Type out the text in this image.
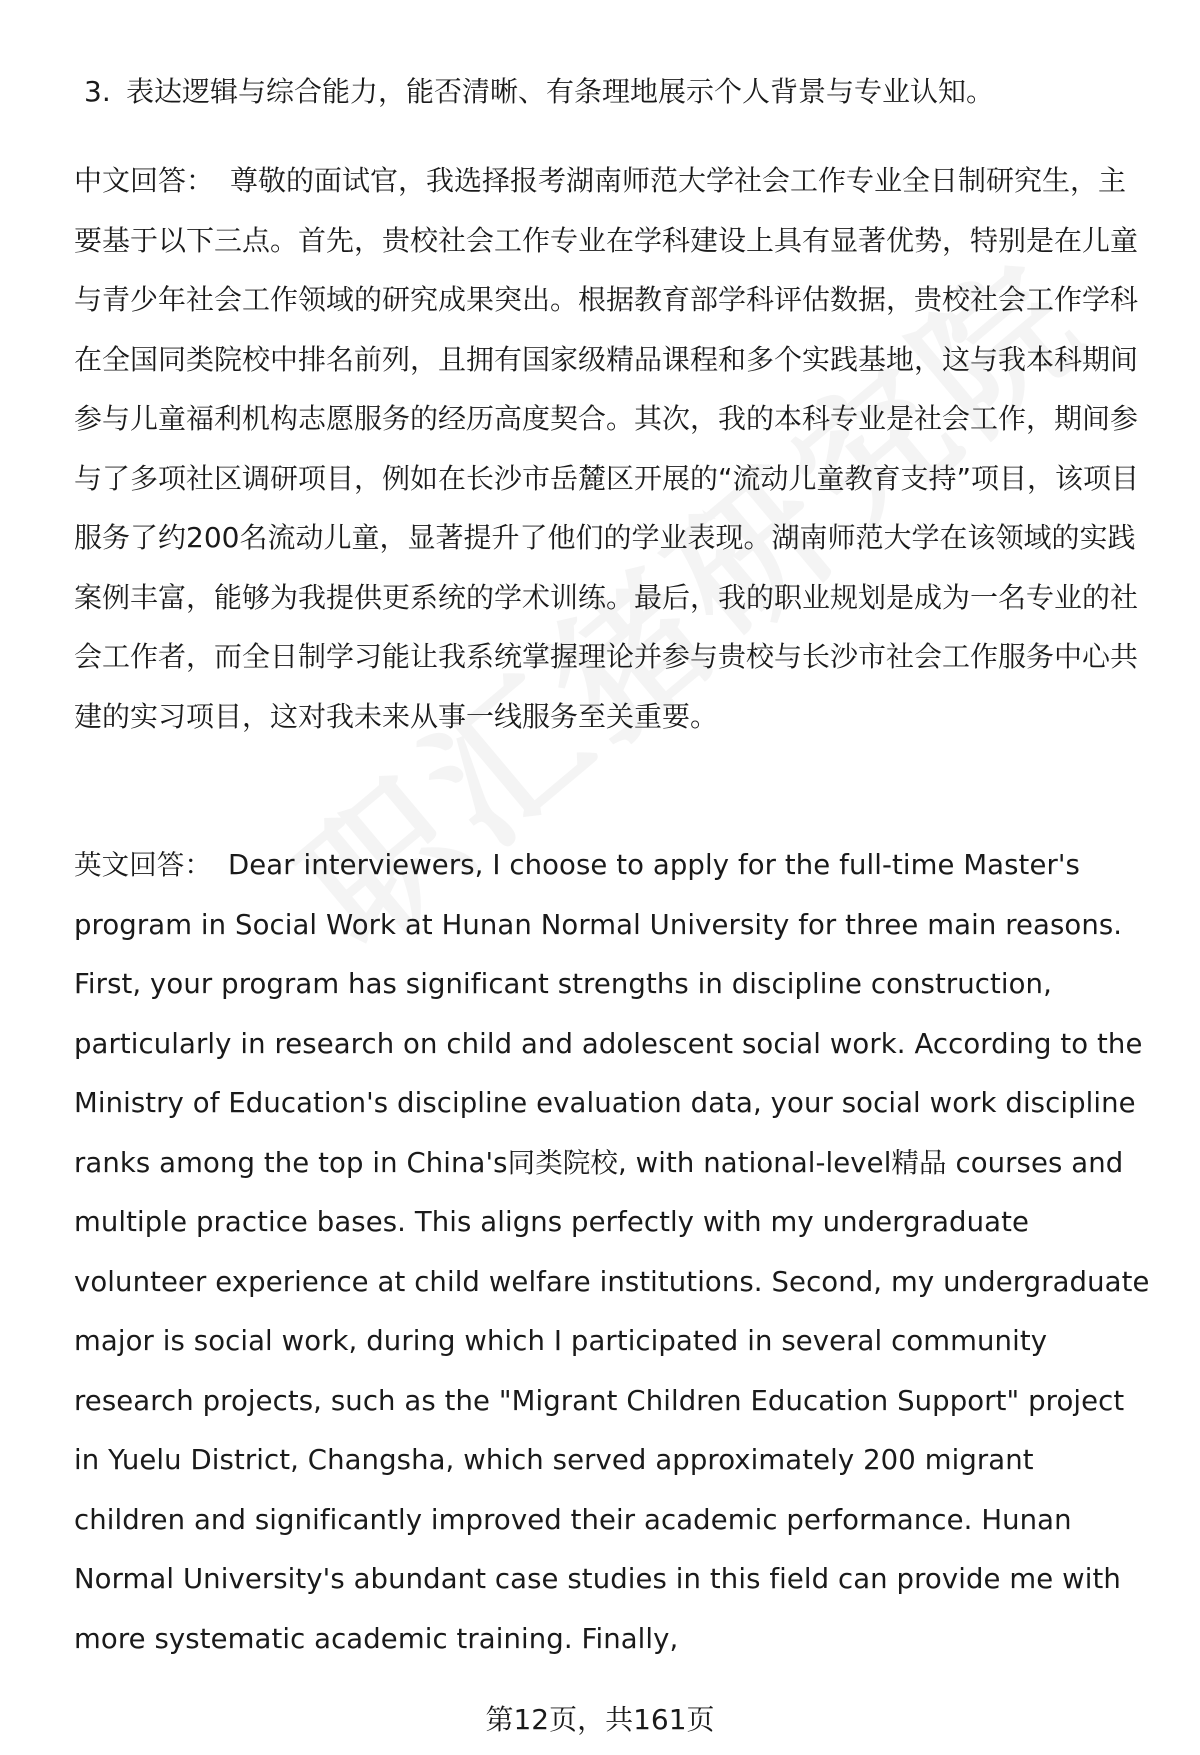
3. 表达逻辑与综合能力，能否清晰、有条理地展示个人背景与专业认知。

中文回答： 尊敬的面试官，我选择报考湖南师范大学社会工作专业全日制研究生，主要基于以下三点。首先，贵校社会工作专业在学科建设上具有显著优势，特别是在儿童与青少年社会工作领域的研究成果突出。根据教育部学科评估数据，贵校社会工作学科在全国同类院校中排名前列，且拥有国家级精品课程和多个实践基地，这与我本科期间参与儿童福利机构志愿服务的经历高度契合。其次，我的本科专业是社会工作，期间参与了多项社区调研项目，例如在长沙市岳麓区开展的“流动儿童教育支持”项目，该项目服务了约200名流动儿童，显著提升了他们的学业表现。湖南师范大学在该领域的实践案例丰富，能够为我提供更系统的学术训练。最后，我的职业规划是成为一名专业的社会工作者，而全日制学习能让我系统掌握理论并参与贵校与长沙市社会工作服务中心共建的实习项目，这对我未来从事一线服务至关重要。

英文回答： Dear interviewers, I choose to apply for the full-time Master's program in Social Work at Hunan Normal University for three main reasons. First, your program has significant strengths in discipline construction, particularly in research on child and adolescent social work. According to the Ministry of Education's discipline evaluation data, your social work discipline ranks among the top in China's同类院校, with national-level精品 courses and multiple practice bases. This aligns perfectly with my undergraduate volunteer experience at child welfare institutions. Second, my undergraduate major is social work, during which I participated in several community research projects, such as the "Migrant Children Education Support" project in Yuelu District, Changsha, which served approximately 200 migrant children and significantly improved their academic performance. Hunan Normal University's abundant case studies in this field can provide me with more systematic academic training. Finally,

第12页，共161页
